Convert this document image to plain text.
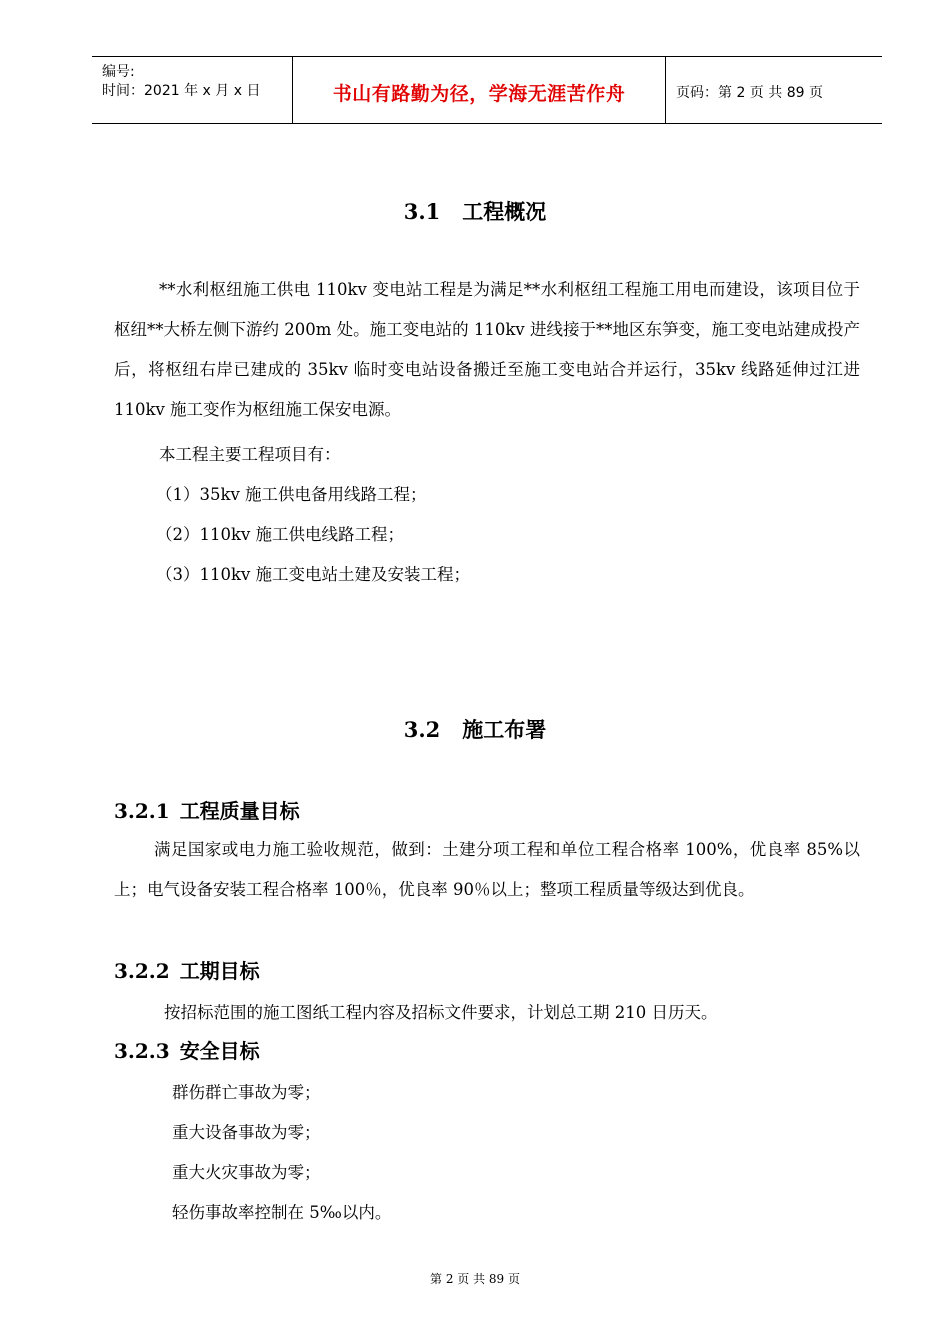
编号:
时间：2021 年 x 月 x 日	书山有路勤为径，学海无涯苦作舟	页码：第 2 页 共 89 页
3.1 工程概况

**水利枢纽施工供电 110kv 变电站工程是为满足**水利枢纽工程施工用电而建设，该项目位于枢纽**大桥左侧下游约 200m 处。施工变电站的 110kv 进线接于**地区东笋变，施工变电站建成投产后，将枢纽右岸已建成的 35kv 临时变电站设备搬迁至施工变电站合并运行，35kv 线路延伸过江进 110kv 施工变作为枢纽施工保安电源。

本工程主要工程项目有：
（1）35kv 施工供电备用线路工程；
（2）110kv 施工供电线路工程；
（3）110kv 施工变电站土建及安装工程；
3.2 施工布署
3.2.1 工程质量目标

满足国家或电力施工验收规范，做到：土建分项工程和单位工程合格率 100%，优良率 85%以上；电气设备安装工程合格率 100％，优良率 90％以上；整项工程质量等级达到优良。

3.2.2 工期目标
按招标范围的施工图纸工程内容及招标文件要求，计划总工期 210 日历天。
3.2.3 安全目标
群伤群亡事故为零；
重大设备事故为零；
重大火灾事故为零；
轻伤事故率控制在 5‰以内。
第 2 页 共 89 页
